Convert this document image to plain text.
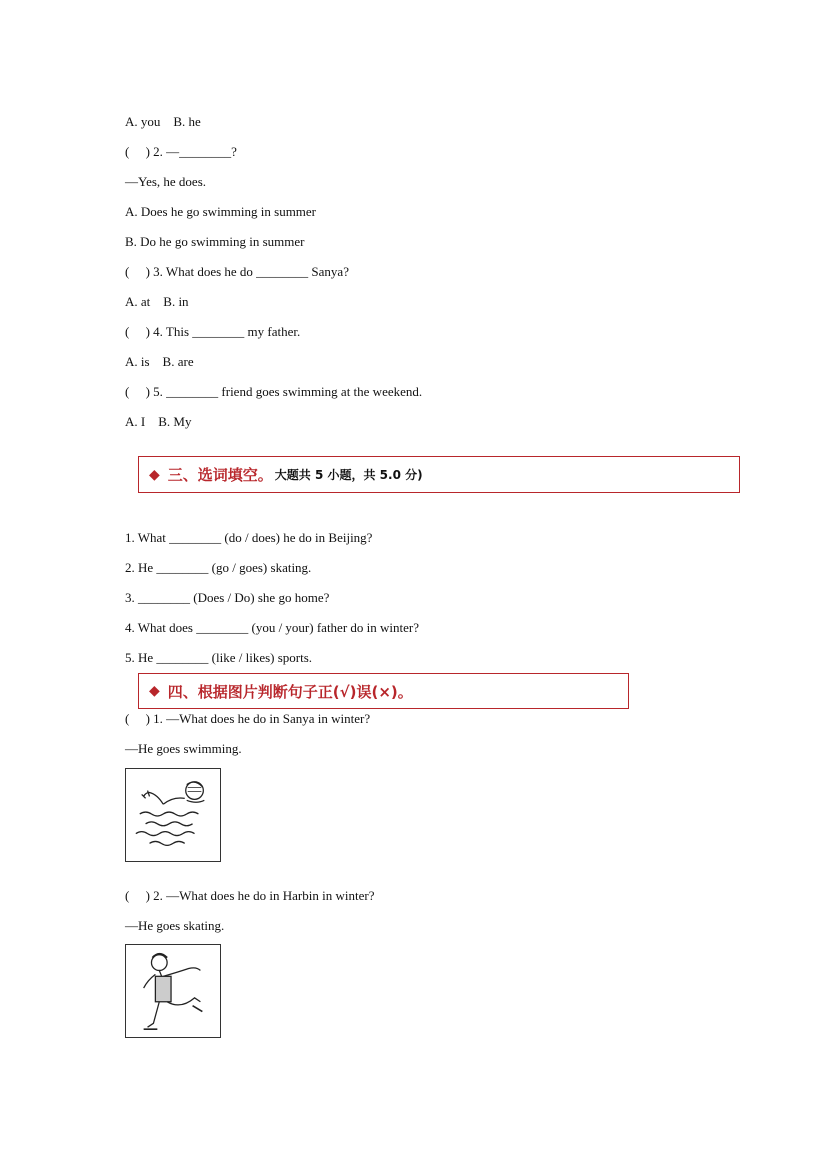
A. you    B. he
(     ) 2. —________?
—Yes, he does.
A. Does he go swimming in summer
B. Do he go swimming in summer
(     ) 3. What does he do ________ Sanya?
A. at    B. in
(     ) 4. This ________ my father.
A. is    B. are
(     ) 5. ________ friend goes swimming at the weekend.
A. I    B. My
◆ 三、选词填空。 大题共 5 小题，共 5.0 分)
1. What ________ (do / does) he do in Beijing?
2. He ________ (go / goes) skating.
3. ________ (Does / Do) she go home?
4. What does ________ (you / your) father do in winter?
5. He ________ (like / likes) sports.
◆ 四、根据图片判断句子正(√)误(×)。
(     ) 1. —What does he do in Sanya in winter?
—He goes swimming.
(     ) 2. —What does he do in Harbin in winter?
—He goes skating.
